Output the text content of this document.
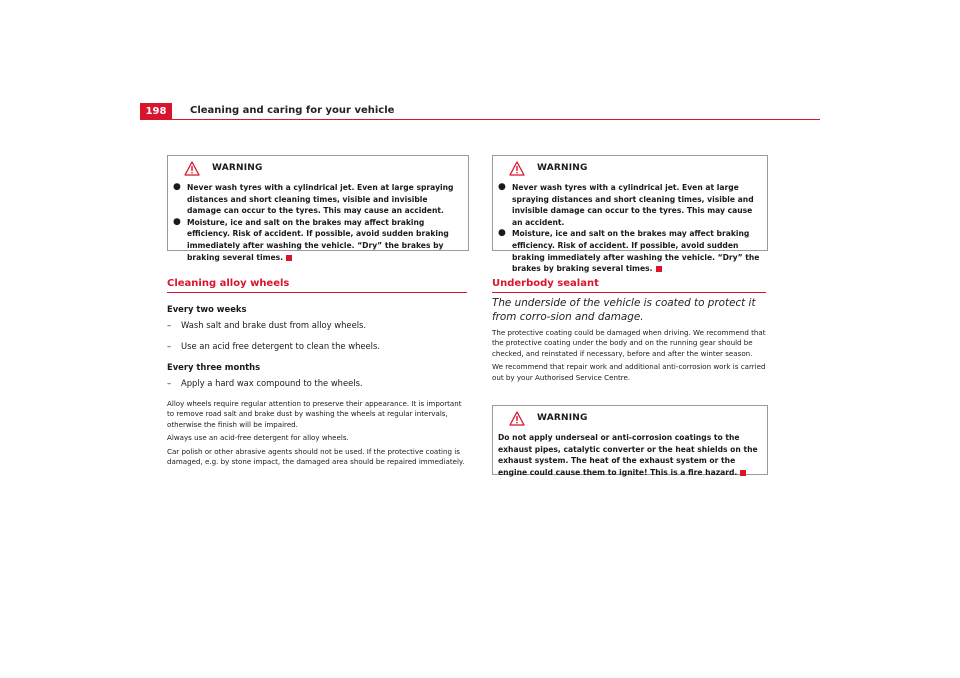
198	Cleaning and caring for your vehicle
WARNING
● Never wash tyres with a cylindrical jet. Even at large spraying distances and short cleaning times, visible and invisible damage can occur to the tyres. This may cause an accident.
● Moisture, ice and salt on the brakes may affect braking efficiency. Risk of accident. If possible, avoid sudden braking immediately after washing the vehicle. “Dry” the brakes by braking several times.
WARNING
● Never wash tyres with a cylindrical jet. Even at large spraying distances and short cleaning times, visible and invisible damage can occur to the tyres. This may cause an accident.
● Moisture, ice and salt on the brakes may affect braking efficiency. Risk of accident. If possible, avoid sudden braking immediately after washing the vehicle. “Dry” the brakes by braking several times.
Cleaning alloy wheels
Every two weeks
–	Wash salt and brake dust from alloy wheels.
–	Use an acid free detergent to clean the wheels.
Every three months
–	Apply a hard wax compound to the wheels.

Alloy wheels require regular attention to preserve their appearance. It is important to remove road salt and brake dust by washing the wheels at regular intervals, otherwise the finish will be impaired.

Always use an acid-free detergent for alloy wheels.

Car polish or other abrasive agents should not be used. If the protective coating is damaged, e.g. by stone impact, the damaged area should be repaired immediately.

Underbody sealant

The underside of the vehicle is coated to protect it from corro-sion and damage.

The protective coating could be damaged when driving. We recommend that the protective coating under the body and on the running gear should be checked, and reinstated if necessary, before and after the winter season.

We recommend that repair work and additional anti-corrosion work is carried out by your Authorised Service Centre.

WARNING
Do not apply underseal or anti-corrosion coatings to the exhaust pipes, catalytic converter or the heat shields on the exhaust system. The heat of the exhaust system or the engine could cause them to ignite! This is a fire hazard.
